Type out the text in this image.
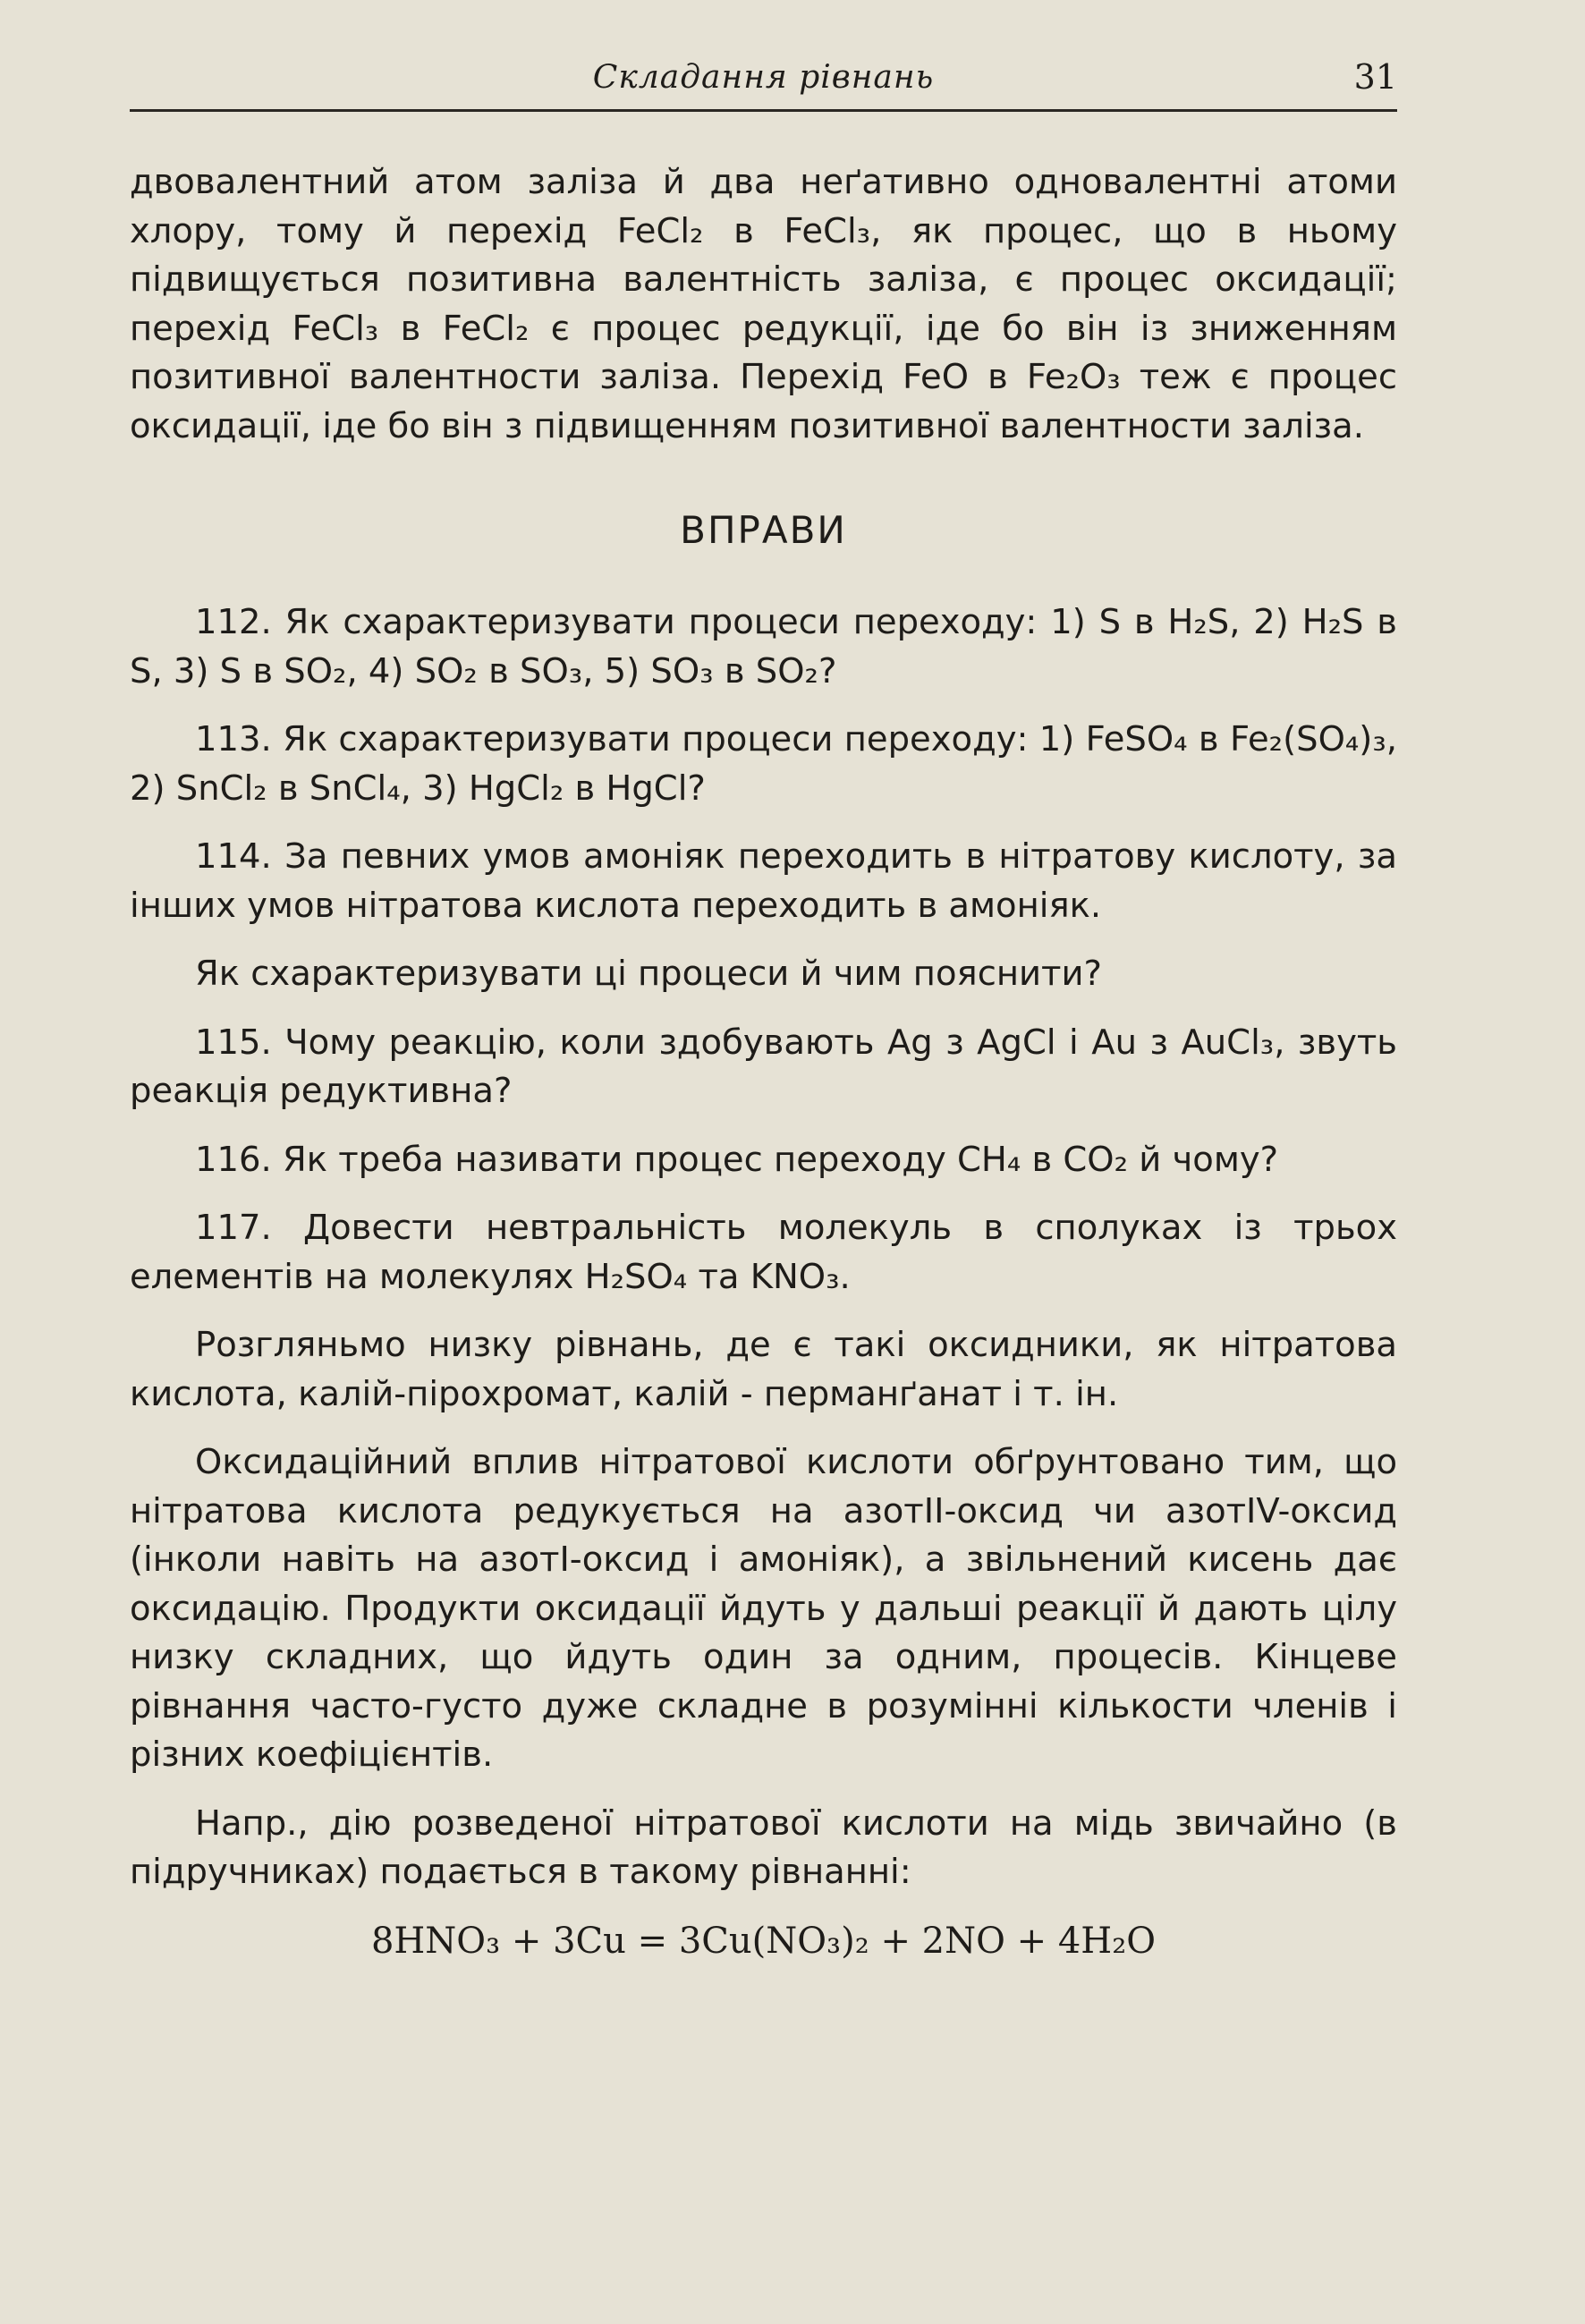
Складання рівнань	31

двовалентний атом заліза й два неґативно одновалентні атоми хлору, тому й перехід FeCl₂ в FeCl₃, як процес, що в ньому підвищується позитивна валентність заліза, є процес оксидації; перехід FeCl₃ в FeCl₂ є процес редукції, іде бо він із зниженням позитивної валентности заліза. Перехід FeO в Fe₂O₃ теж є процес оксидації, іде бо він з підвищенням позитивної валентности заліза.

ВПРАВИ

112. Як схарактеризувати процеси переходу: 1) S в H₂S, 2) H₂S в S, 3) S в SO₂, 4) SO₂ в SO₃, 5) SO₃ в SO₂?

113. Як схарактеризувати процеси переходу: 1) FeSO₄ в Fe₂(SO₄)₃, 2) SnCl₂ в SnCl₄, 3) HgCl₂ в HgCl?

114. За певних умов амоніяк переходить в нітратову кислоту, за інших умов нітратова кислота переходить в амоніяк.

Як схарактеризувати ці процеси й чим пояснити?

115. Чому реакцію, коли здобувають Ag з AgCl і Au з AuCl₃, звуть реакція редуктивна?

116. Як треба називати процес переходу CH₄ в CO₂ й чому?

117. Довести невтральність молекуль в сполуках із трьох елементів на молекулях H₂SO₄ та KNO₃.

Розгляньмо низку рівнань, де є такі оксидники, як нітратова кислота, калій-пірохромат, калій - перманґанат і т. ін.

Оксидаційний вплив нітратової кислоти обґрунтовано тим, що нітратова кислота редукується на азотII-оксид чи азотIV-оксид (інколи навіть на азотI-оксид і амоніяк), а звільнений кисень дає оксидацію. Продукти оксидації йдуть у дальші реакції й дають цілу низку складних, що йдуть один за одним, процесів. Кінцеве рівнання часто-густо дуже складне в розумінні кількости членів і різних коефіцієнтів.

Напр., дію розведеної нітратової кислоти на мідь звичайно (в підручниках) подається в такому рівнанні:

8HNO₃ + 3Cu = 3Cu(NO₃)₂ + 2NO + 4H₂O
